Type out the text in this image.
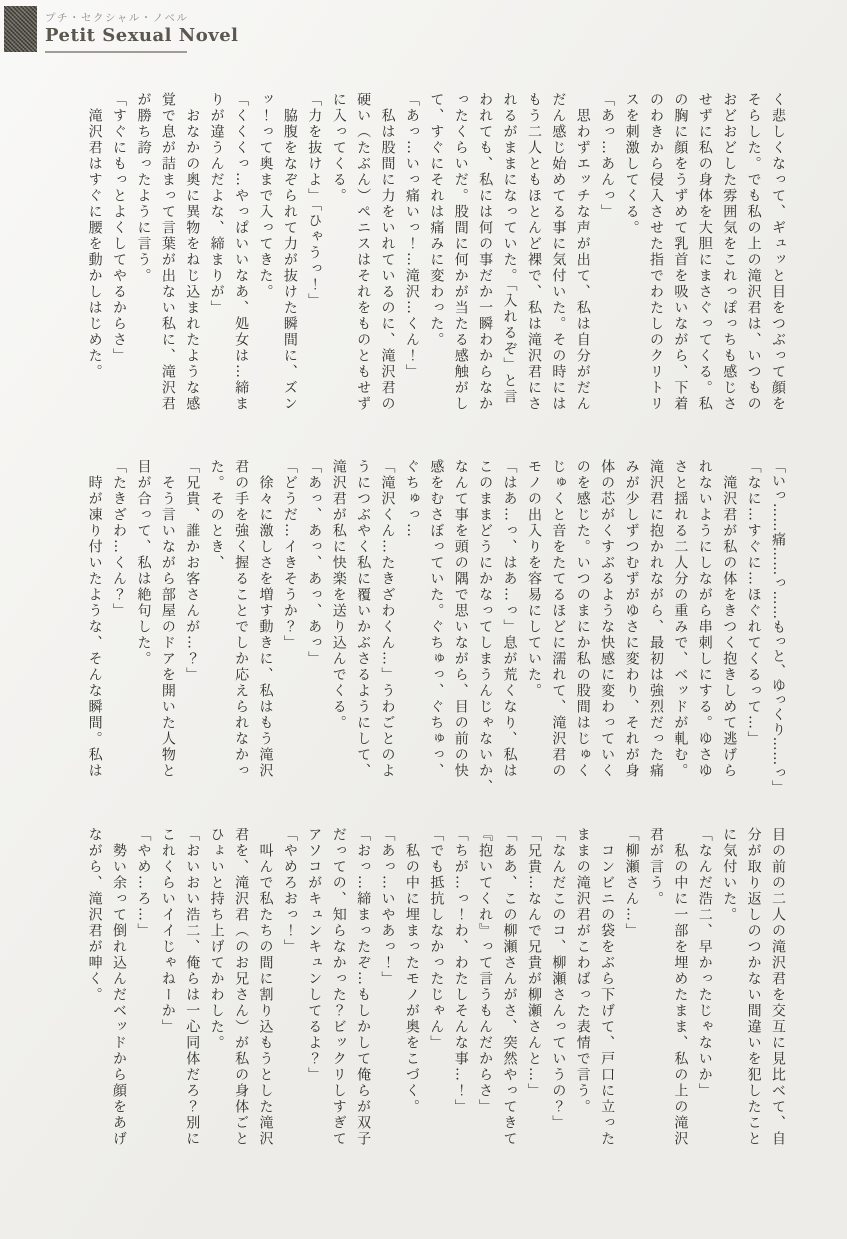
プチ・セクシャル・ノベル
Petit Sexual Novel
く悲しくなって、ギュッと目をつぶって顔を
そらした。でも私の上の滝沢君は、いつもの
おどおどした雰囲気をこれっぽっちも感じさ
せずに私の身体を大胆にまさぐってくる。私
の胸に顔をうずめて乳首を吸いながら、下着
のわきから侵入させた指でわたしのクリトリ
スを刺激してくる。
「あっ…あんっ」
　思わずエッチな声が出て、私は自分がだん
だん感じ始めてる事に気付いた。その時には
もう二人ともほとんど裸で、私は滝沢君にさ
れるがままになっていた。「入れるぞ」と言
われても、私には何の事だか一瞬わからなか
ったくらいだ。股間に何かが当たる感触がし
て、すぐにそれは痛みに変わった。
「あっ…いっ痛いっ！…滝沢…くん！」
　私は股間に力をいれているのに、滝沢君の
硬い（たぶん）ペニスはそれをものともせず
に入ってくる。
「力を抜けよ」「ひゃうっ！」
　脇腹をなぞられて力が抜けた瞬間に、ズン
ッ！って奥まで入ってきた。
「くくくっ…やっぱいいなあ、処女は…締ま
りが違うんだよな、締まりが」
　おなかの奥に異物をねじ込まれたような感
覚で息が詰まって言葉が出ない私に、滝沢君
が勝ち誇ったように言う。
「すぐにもっとよくしてやるからさ」
　滝沢君はすぐに腰を動かしはじめた。
「いっ……痛……っ……もっと、ゆっくり……っ」
「なに…すぐに…ほぐれてくるって…」
　滝沢君が私の体をきつく抱きしめて逃げら
れないようにしながら串刺しにする。ゆさゆ
さと揺れる二人分の重みで、ベッドが軋む。
滝沢君に抱かれながら、最初は強烈だった痛
みが少しずつむずがゆさに変わり、それが身
体の芯がくすぶるような快感に変わっていく
のを感じた。いつのまにか私の股間はじゅく
じゅくと音をたてるほどに濡れて、滝沢君の
モノの出入りを容易にしていた。
「はあ…っ、はあ…っ」息が荒くなり、私は
このままどうにかなってしまうんじゃないか、
なんて事を頭の隅で思いながら、目の前の快
感をむさぼっていた。ぐちゅっ、ぐちゅっ、
ぐちゅっ…
「滝沢くん…たきざわくん…」うわごとのよ
うにつぶやく私に覆いかぶさるようにして、
滝沢君が私に快楽を送り込んでくる。
「あっ、あっ、あっ、あっ」
「どうだ…イきそうか？」
　徐々に激しさを増す動きに、私はもう滝沢
君の手を強く握ることでしか応えられなかっ
た。そのとき、
「兄貴、誰かお客さんが…？」
　そう言いながら部屋のドアを開いた人物と
目が合って、私は絶句した。
「たきざわ…くん？」
　時が凍り付いたような、そんな瞬間。私は
目の前の二人の滝沢君を交互に見比べて、自
分が取り返しのつかない間違いを犯したこと
に気付いた。
「なんだ浩二、早かったじゃないか」
　私の中に一部を埋めたまま、私の上の滝沢
君が言う。
「柳瀬さん…」
　コンビニの袋をぶら下げて、戸口に立った
ままの滝沢君がこわばった表情で言う。
「なんだこのコ、柳瀬さんっていうの？」
「兄貴…なんで兄貴が柳瀬さんと…」
「ああ、この柳瀬さんがさ、突然やってきて
『抱いてくれ』って言うもんだからさ」
「ちが…っ！わ、わたしそんな事…！」
「でも抵抗しなかったじゃん」
　私の中に埋まったモノが奥をこづく。
「あっ…いやあっ！」
「おっ…締まったぞ…もしかして俺らが双子
だっての、知らなかった？ビックリしすぎて
アソコがキュンキュンしてるよ？」
「やめろおっ！」
　叫んで私たちの間に割り込もうとした滝沢
君を、滝沢君（のお兄さん）が私の身体ごと
ひょいと持ち上げてかわした。
「おいおい浩二、俺らは一心同体だろ？別に
これくらいイイじゃねーか」
「やめ…ろ…」
　勢い余って倒れ込んだベッドから顔をあげ
ながら、滝沢君が呻く。
